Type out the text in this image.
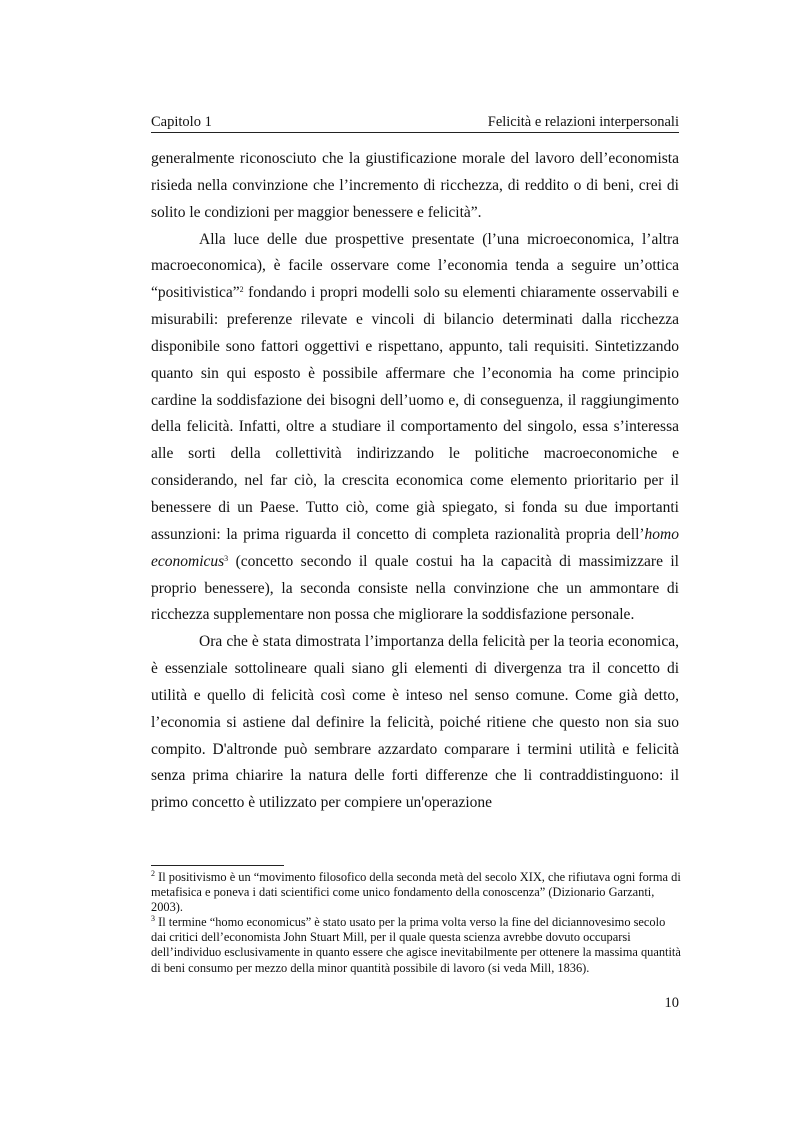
Capitolo 1	Felicità e relazioni interpersonali

generalmente riconosciuto che la giustificazione morale del lavoro dell’economista risieda nella convinzione che l’incremento di ricchezza, di reddito o di beni, crei di solito le condizioni per maggior benessere e felicità”.

Alla luce delle due prospettive presentate (l’una microeconomica, l’altra macroeconomica), è facile osservare come l’economia tenda a seguire un’ottica “positivistica”$^2$ fondando i propri modelli solo su elementi chiaramente osservabili e misurabili: preferenze rilevate e vincoli di bilancio determinati dalla ricchezza disponibile sono fattori oggettivi e rispettano, appunto, tali requisiti. Sintetizzando quanto sin qui esposto è possibile affermare che l’economia ha come principio cardine la soddisfazione dei bisogni dell’uomo e, di conseguenza, il raggiungimento della felicità. Infatti, oltre a studiare il comportamento del singolo, essa s’interessa alle sorti della collettività indirizzando le politiche macroeconomiche e considerando, nel far ciò, la crescita economica come elemento prioritario per il benessere di un Paese. Tutto ciò, come già spiegato, si fonda su due importanti assunzioni: la prima riguarda il concetto di completa razionalità propria dell’homo economicus$^3$ (concetto secondo il quale costui ha la capacità di massimizzare il proprio benessere), la seconda consiste nella convinzione che un ammontare di ricchezza supplementare non possa che migliorare la soddisfazione personale.

Ora che è stata dimostrata l’importanza della felicità per la teoria economica, è essenziale sottolineare quali siano gli elementi di divergenza tra il concetto di utilità e quello di felicità così come è inteso nel senso comune. Come già detto, l’economia si astiene dal definire la felicità, poiché ritiene che questo non sia suo compito. D'altronde può sembrare azzardato comparare i termini utilità e felicità senza prima chiarire la natura delle forti differenze che li contraddistinguono: il primo concetto è utilizzato per compiere un'operazione

$^2$ Il positivismo è un “movimento filosofico della seconda metà del secolo XIX, che rifiutava ogni forma di metafisica e poneva i dati scientifici come unico fondamento della conoscenza” (Dizionario Garzanti, 2003).

$^3$ Il termine “homo economicus” è stato usato per la prima volta verso la fine del diciannovesimo secolo dai critici dell’economista John Stuart Mill, per il quale questa scienza avrebbe dovuto occuparsi dell’individuo esclusivamente in quanto essere che agisce inevitabilmente per ottenere la massima quantità di beni consumo per mezzo della minor quantità possibile di lavoro (si veda Mill, 1836).

10
